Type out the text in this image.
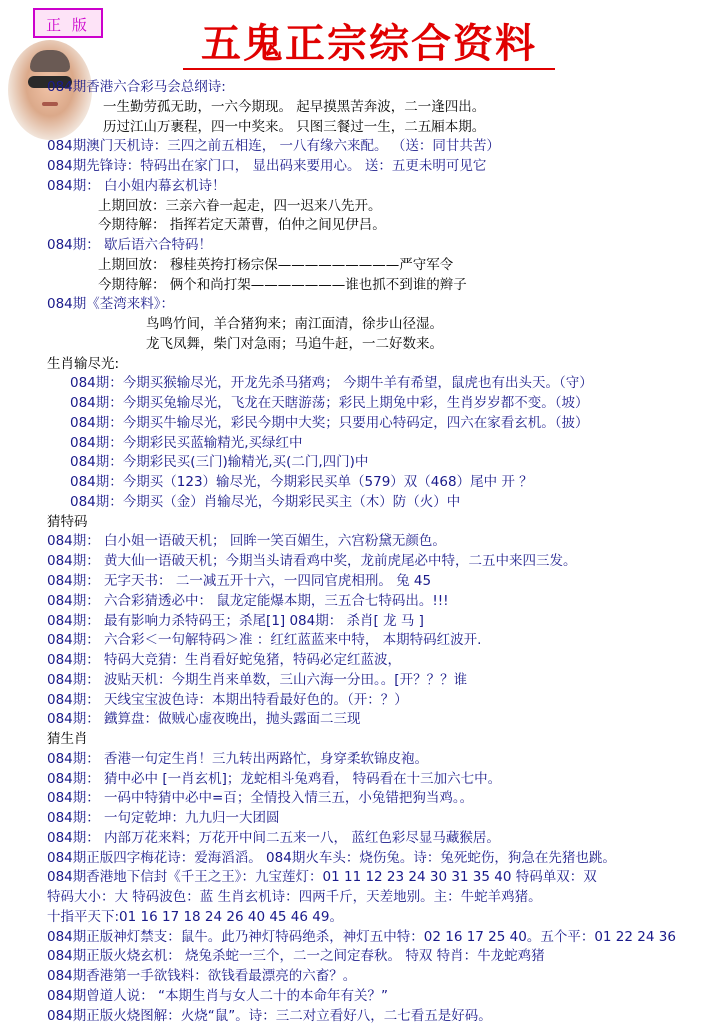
正 版	五鬼正宗综合资料
084期香港六合彩马会总纲诗:
一生勤劳孤无助，一六今期现。 起早摸黑苦奔波，二一逢四出。
历过江山万裹程，四一中奖来。 只图三餐过一生，二五厢本期。
084期澳门天机诗：三四之前五相连， 一八有缘六来配。 （送：同甘共苦）
084期先锋诗：特码出在家门口， 显出码来要用心。 送：五更未明可见它
084期： 白小姐内幕玄机诗！
上期回放：三亲六眷一起走，四一迟来八先开。
今期待解： 指挥若定天萧曹，伯仲之间见伊吕。
084期： 歇后语六合特码！
上期回放： 穆桂英挎打杨宗保—————————严守军令
今期待解： 俩个和尚打架———————谁也抓不到谁的辫子
084期《荃湾来料》：
鸟鸣竹间，羊合猪狗来；南江面清，徐步山径湿。
龙飞凤舞，柴门对急雨；马追牛赶，一二好数来。
生肖输尽光:
084期：今期买猴输尽光，开龙先杀马猪鸡； 今期牛羊有希望，鼠虎也有出头天。（守）
084期：今期买兔输尽光，飞龙在天瞎游荡；彩民上期兔中彩，生肖岁岁都不变。（坡）
084期：今期买牛输尽光，彩民今期中大奖；只要用心特码定，四六在家看玄机。（披）
084期：今期彩民买蓝输精光,买绿红中
084期：今期彩民买(三门)输精光,买(二门,四门)中
084期：今期买（123）输尽光，今期彩民买单（579）双（468）尾中 开 ？
084期：今期买（金）肖输尽光，今期彩民买主（木）防（火）中
猜特码
084期： 白小姐一语破天机； 回眸一笑百媚生，六宫粉黛无颜色。
084期： 黄大仙一语破天机；今期当头请看鸡中奖，龙前虎尾必中特，二五中来四三发。
084期： 无字天书： 二一减五开十六，一四同官虎相刑。 兔 45
084期： 六合彩猜透必中： 鼠龙定能爆本期，三五合七特码出。!!!
084期： 最有影响力杀特码王；杀尾[1] 084期： 杀肖[ 龙 马 ]
084期： 六合彩＜一句解特码＞准 ：红红蓝蓝来中特， 本期特码红波开.
084期： 特码大竞猜：生肖看好蛇兔猪，特码必定红蓝波，
084期： 波贴天机：今期生肖来单数，三山六海一分田。。[开？？？谁
084期： 天线宝宝波色诗：本期出特看最好色的。（开：？）
084期： 鐡算盘：做贼心虚夜晚出，抛头露面二三现
猜生肖
084期： 香港一句定生肖！三九转出两路忙，身穿柔软锦皮袍。
084期： 猜中必中 [一肖玄机]；龙蛇相斗兔鸡看， 特码看在十三加六七中。
084期： 一码中特猜中必中=百；全情投入情三五，小兔错把狗当鸡。。
084期： 一句定乾坤：九九归一大团圆
084期： 内部万花来料；万花开中间二五来一八， 蓝红色彩尽显马藏猴居。
084期正版四字梅花诗：爱海滔滔。 084期火车头：烧伤兔。诗：兔死蛇伤，狗急在先猪也跳。
084期香港地下信封《千王之王》：九宝莲灯：01 11 12 23 24 30 31 35 40 特码单双：双
特码大小：大 特码波色：蓝 生肖玄机诗：四两千斤，天差地别。主：牛蛇羊鸡猪。
十指平天下:01 16 17 18 24 26 40 45 46 49。
084期正版神灯禁支：鼠牛。此乃神灯特码绝杀，神灯五中特：02 16 17 25 40。五个平：01 22 24 36
084期正版火烧玄机： 烧兔杀蛇一三个，二一之间定春秋。 特双 特肖：牛龙蛇鸡猪
084期香港第一手欲钱料：欲钱看最漂亮的六畜？。
084期曾道人说： “本期生肖与女人二十的本命年有关？”
084期正版火烧图解：火烧“鼠”。诗：三二对立看好八，二七看五是好码。
